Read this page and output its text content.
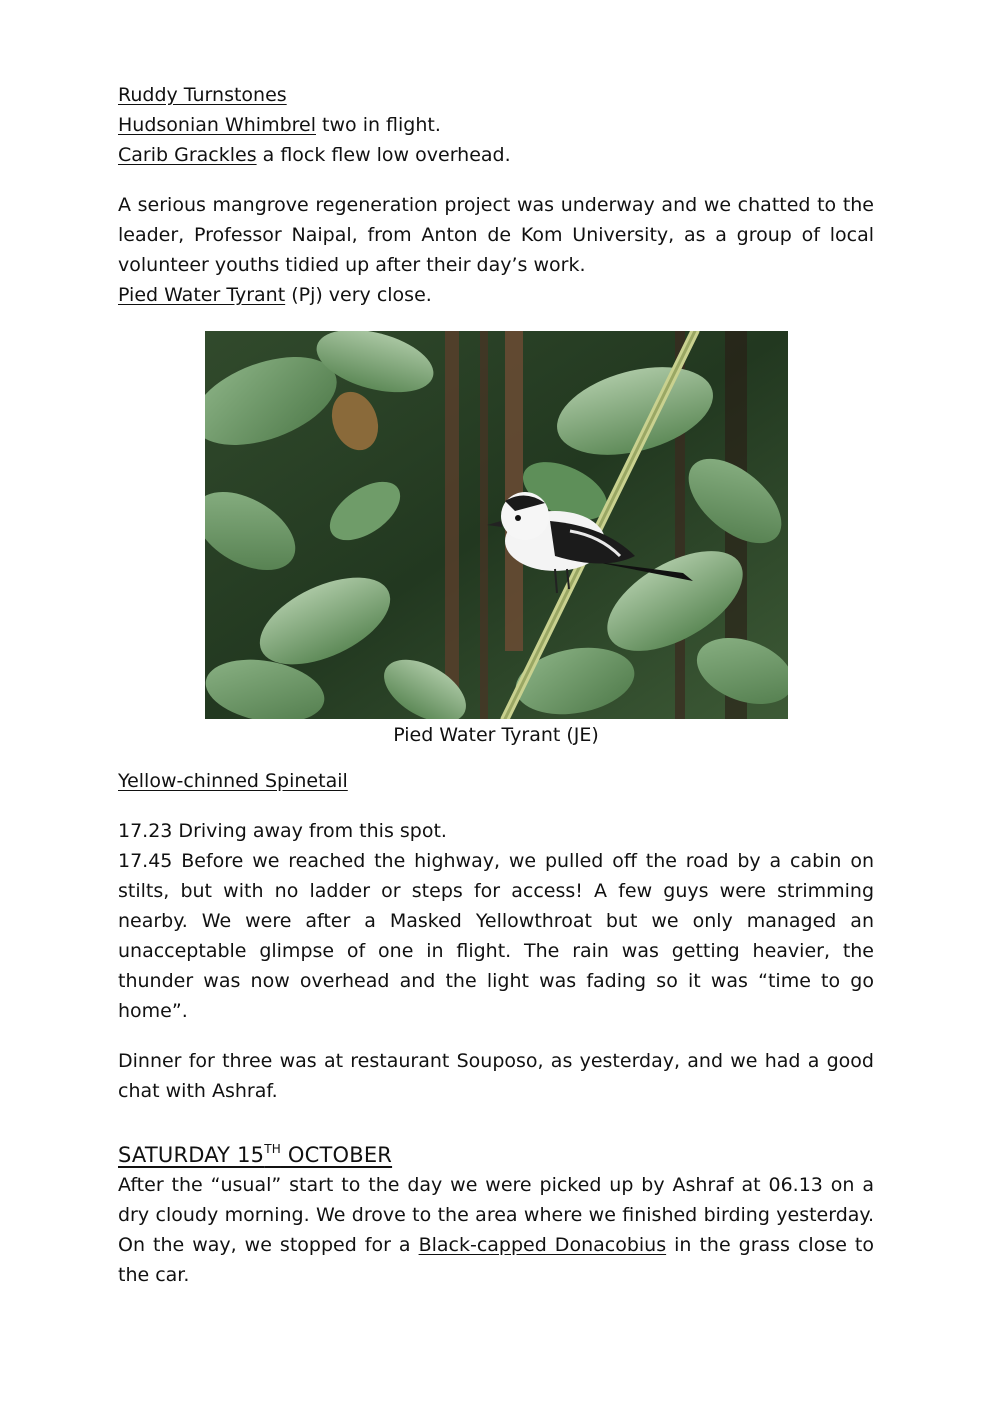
Ruddy Turnstones
Hudsonian Whimbrel two in flight.
Carib Grackles a flock flew low overhead.

A serious mangrove regeneration project was underway and we chatted to the leader, Professor Naipal, from Anton de Kom University, as a group of local volunteer youths tidied up after their day’s work.

Pied Water Tyrant (Pj) very close.
Pied Water Tyrant (JE)
Yellow-chinned Spinetail
17.23 Driving away from this spot.

17.45 Before we reached the highway, we pulled off the road by a cabin on stilts, but with no ladder or steps for access! A few guys were strimming nearby. We were after a Masked Yellowthroat but we only managed an unacceptable glimpse of one in flight. The rain was getting heavier, the thunder was now overhead and the light was fading so it was “time to go home”.

Dinner for three was at restaurant Souposo, as yesterday, and we had a good chat with Ashraf.

SATURDAY 15TH OCTOBER

After the “usual” start to the day we were picked up by Ashraf at 06.13 on a dry cloudy morning. We drove to the area where we finished birding yesterday. On the way, we stopped for a Black-capped Donacobius in the grass close to the car.
